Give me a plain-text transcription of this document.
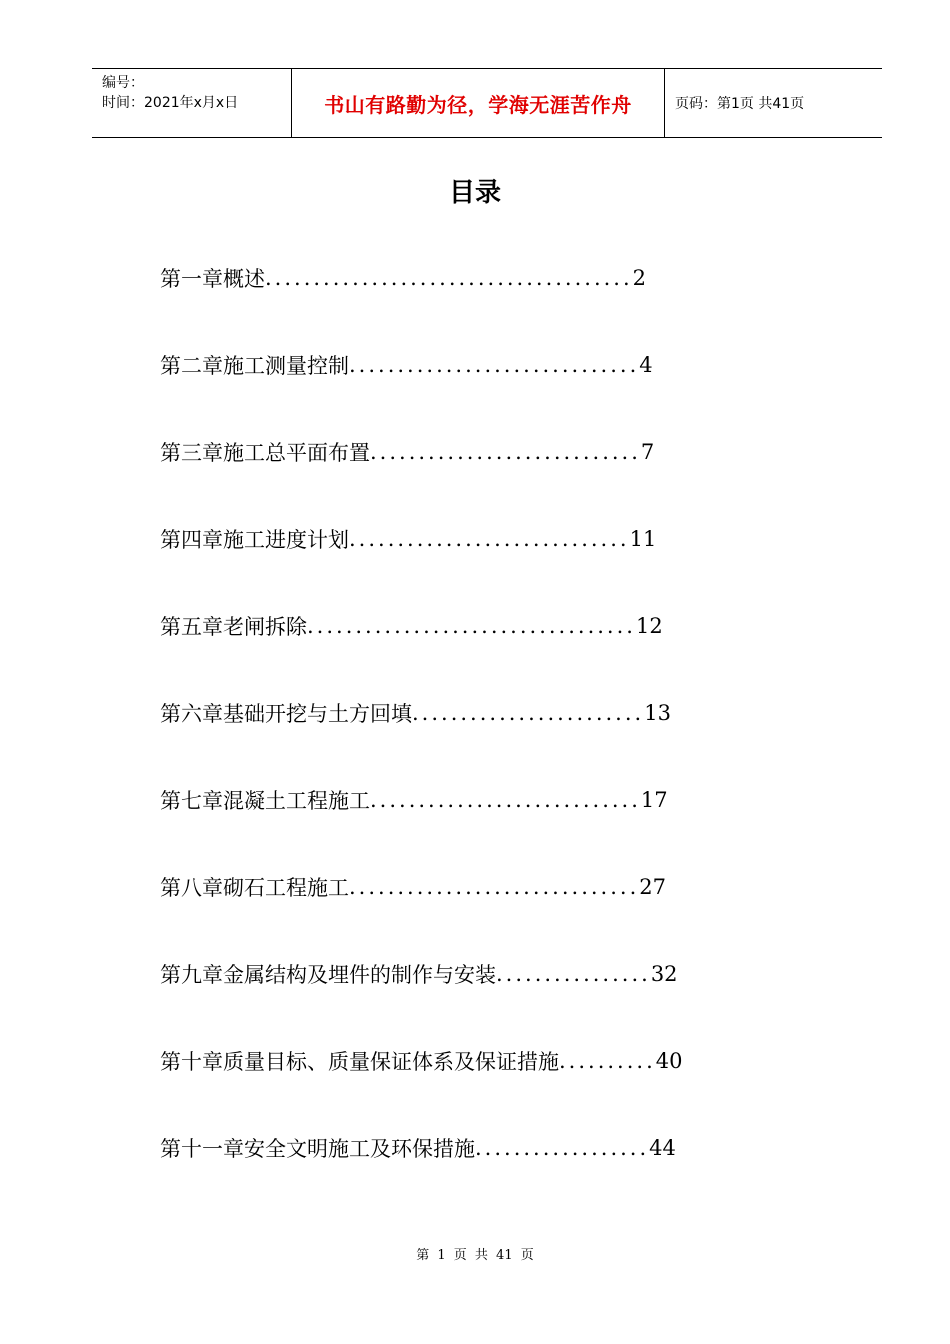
编号：
时间：2021年x月x日	书山有路勤为径，学海无涯苦作舟	页码：第1页 共41页
目录
第一章概述 ...................................... 2
第二章施工测量控制 .............................. 4
第三章施工总平面布置 ............................ 7
第四章施工进度计划 ............................. 11
第五章老闸拆除 .................................. 12
第六章基础开挖与土方回填 ........................ 13
第七章混凝土工程施工 ............................ 17
第八章砌石工程施工 .............................. 27
第九章金属结构及埋件的制作与安装 ................ 32
第十章质量目标、质量保证体系及保证措施 .......... 40
第十一章安全文明施工及环保措施 .................. 44
第 1 页 共 41 页
